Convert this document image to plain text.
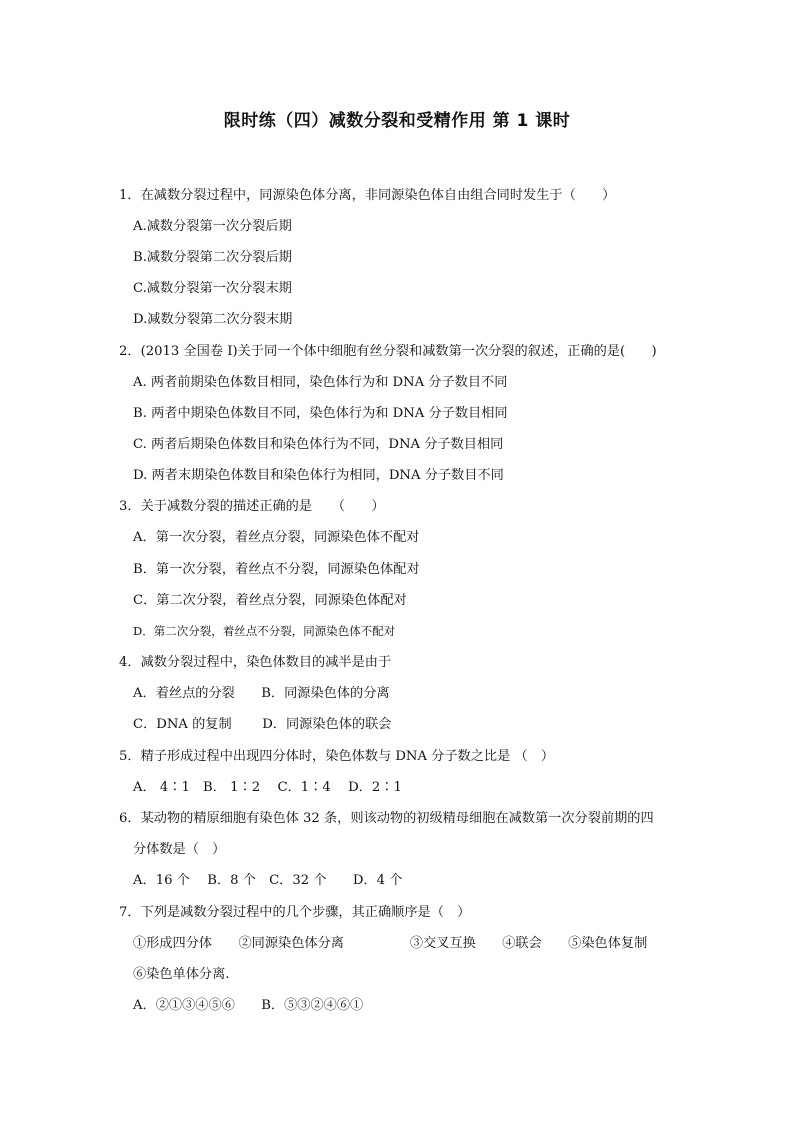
限时练（四）减数分裂和受精作用 第 1 课时
1．在减数分裂过程中，同源染色体分离，非同源染色体自由组合同时发生于（　　）
A.减数分裂第一次分裂后期
B.减数分裂第二次分裂后期
C.减数分裂第一次分裂末期
D.减数分裂第二次分裂末期
2．(2013 全国卷 I)关于同一个体中细胞有丝分裂和减数第一次分裂的叙述，正确的是(　　)
A. 两者前期染色体数目相同，染色体行为和 DNA 分子数目不同
B. 两者中期染色体数目不同，染色体行为和 DNA 分子数目相同
C. 两者后期染色体数目和染色体行为不同，DNA 分子数目相同
D. 两者末期染色体数目和染色体行为相同，DNA 分子数目不同
3．关于减数分裂的描述正确的是　　（　　）
A．第一次分裂，着丝点分裂，同源染色体不配对
B．第一次分裂，着丝点不分裂，同源染色体配对
C．第二次分裂，着丝点分裂，同源染色体配对
D．第二次分裂，着丝点不分裂，同源染色体不配对
4．减数分裂过程中，染色体数目的减半是由于
A．着丝点的分裂　　B．同源染色体的分离
C．DNA 的复制　　 D．同源染色体的联会
5．精子形成过程中出现四分体时，染色体数与 DNA 分子数之比是 （　）
A． 4∶1　B． 1∶2　 C．1∶4　 D．2∶1
6．某动物的精原细胞有染色体 32 条，则该动物的初级精母细胞在减数第一次分裂前期的四
分体数是（　）
A．16 个　 B．8 个　C．32 个　　D．4 个
7．下列是减数分裂过程中的几个步骤，其正确顺序是（　）
①形成四分体　　②同源染色体分离　　　　　③交叉互换　　④联会　　⑤染色体复制
⑥染色单体分离.
A．②①③④⑤⑥　　B．⑤③②④⑥①
